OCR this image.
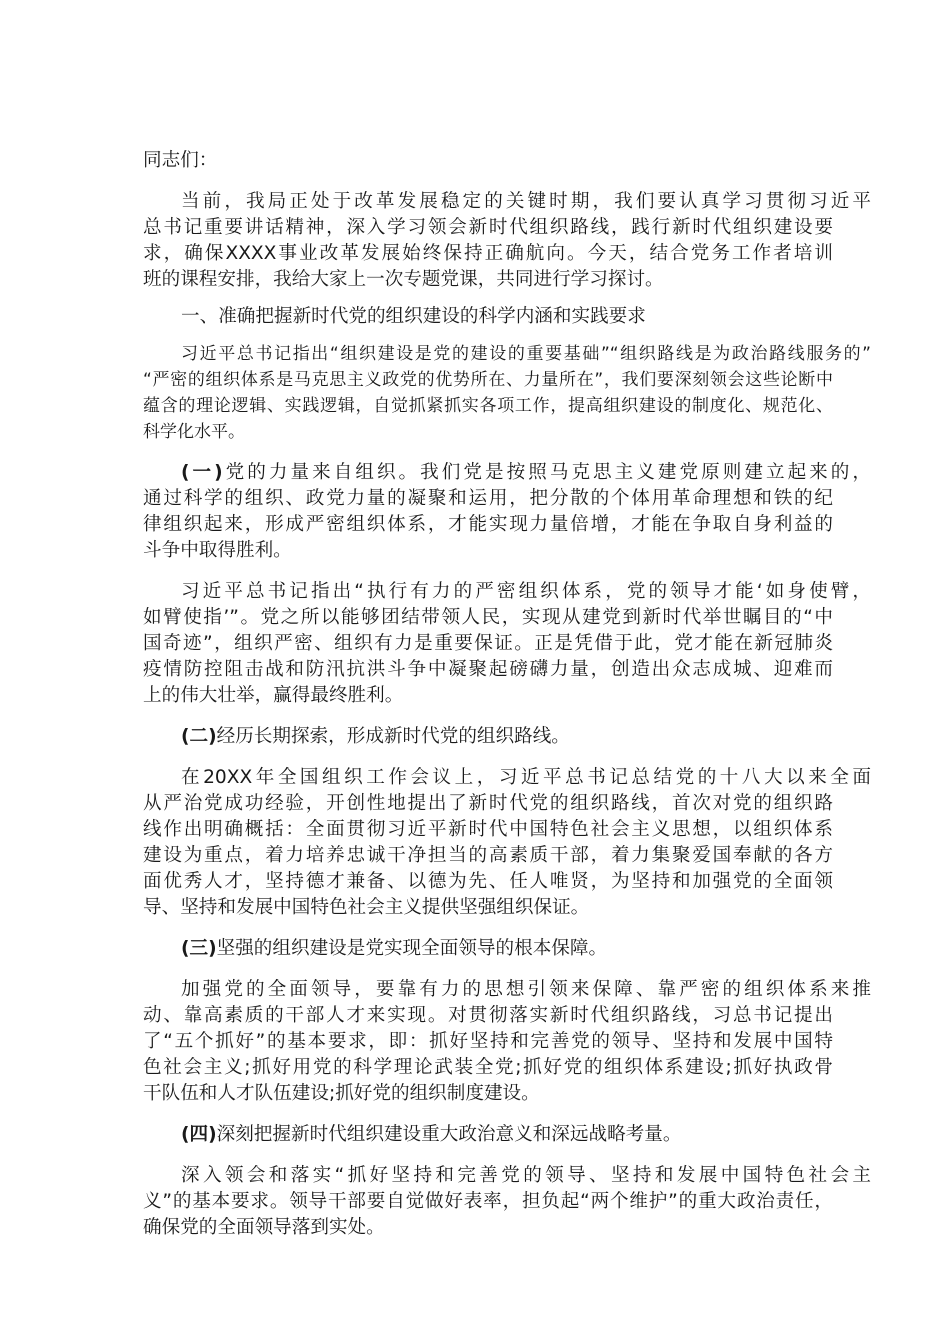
同志们：

当前，我局正处于改革发展稳定的关键时期，我们要认真学习贯彻习近平

总书记重要讲话精神，深入学习领会新时代组织路线，践行新时代组织建设要

求，确保XXXX事业改革发展始终保持正确航向。今天，结合党务工作者培训

班的课程安排，我给大家上一次专题党课，共同进行学习探讨。

一、准确把握新时代党的组织建设的科学内涵和实践要求

习近平总书记指出“组织建设是党的建设的重要基础”“组织路线是为政治路线服务的”

“严密的组织体系是马克思主义政党的优势所在、力量所在”，我们要深刻领会这些论断中

蕴含的理论逻辑、实践逻辑，自觉抓紧抓实各项工作，提高组织建设的制度化、规范化、

科学化水平。

(一)党的力量来自组织。我们党是按照马克思主义建党原则建立起来的，

通过科学的组织、政党力量的凝聚和运用，把分散的个体用革命理想和铁的纪

律组织起来，形成严密组织体系，才能实现力量倍增，才能在争取自身利益的

斗争中取得胜利。

习近平总书记指出“执行有力的严密组织体系，党的领导才能‘如身使臂，

如臂使指’”。党之所以能够团结带领人民，实现从建党到新时代举世瞩目的“中

国奇迹”，组织严密、组织有力是重要保证。正是凭借于此，党才能在新冠肺炎

疫情防控阻击战和防汛抗洪斗争中凝聚起磅礴力量，创造出众志成城、迎难而

上的伟大壮举，赢得最终胜利。

(二)经历长期探索，形成新时代党的组织路线。

在20XX年全国组织工作会议上，习近平总书记总结党的十八大以来全面

从严治党成功经验，开创性地提出了新时代党的组织路线，首次对党的组织路

线作出明确概括：全面贯彻习近平新时代中国特色社会主义思想，以组织体系

建设为重点，着力培养忠诚干净担当的高素质干部，着力集聚爱国奉献的各方

面优秀人才，坚持德才兼备、以德为先、任人唯贤，为坚持和加强党的全面领

导、坚持和发展中国特色社会主义提供坚强组织保证。

(三)坚强的组织建设是党实现全面领导的根本保障。

加强党的全面领导，要靠有力的思想引领来保障、靠严密的组织体系来推

动、靠高素质的干部人才来实现。对贯彻落实新时代组织路线，习总书记提出

了“五个抓好”的基本要求，即：抓好坚持和完善党的领导、坚持和发展中国特

色社会主义;抓好用党的科学理论武装全党;抓好党的组织体系建设;抓好执政骨

干队伍和人才队伍建设;抓好党的组织制度建设。

(四)深刻把握新时代组织建设重大政治意义和深远战略考量。

深入领会和落实“抓好坚持和完善党的领导、坚持和发展中国特色社会主

义”的基本要求。领导干部要自觉做好表率，担负起“两个维护”的重大政治责任，

确保党的全面领导落到实处。
